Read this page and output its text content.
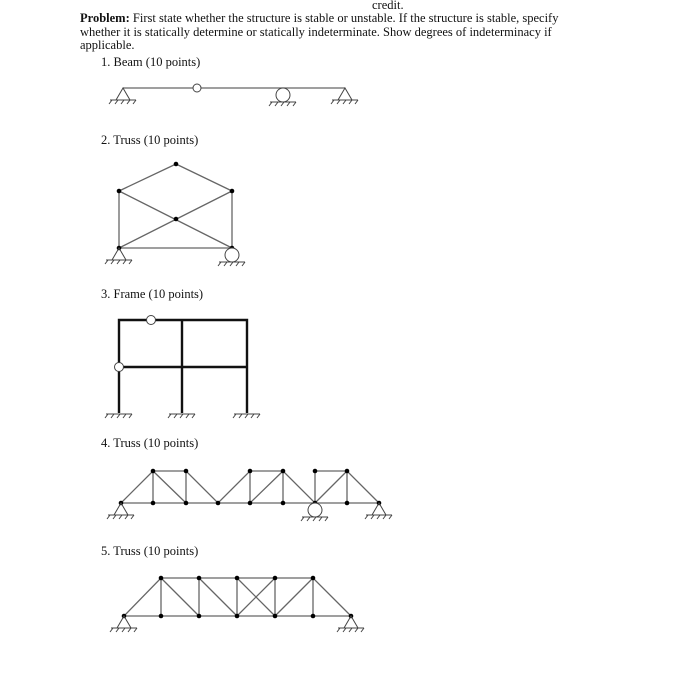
credit.
Problem: First state whether the structure is stable or unstable. If the structure is stable, specify whether it is statically determine or statically indeterminate. Show degrees of indeterminacy if applicable.
1. Beam (10 points)
2. Truss (10 points)
3. Frame (10 points)
4. Truss (10 points)
5. Truss (10 points)
